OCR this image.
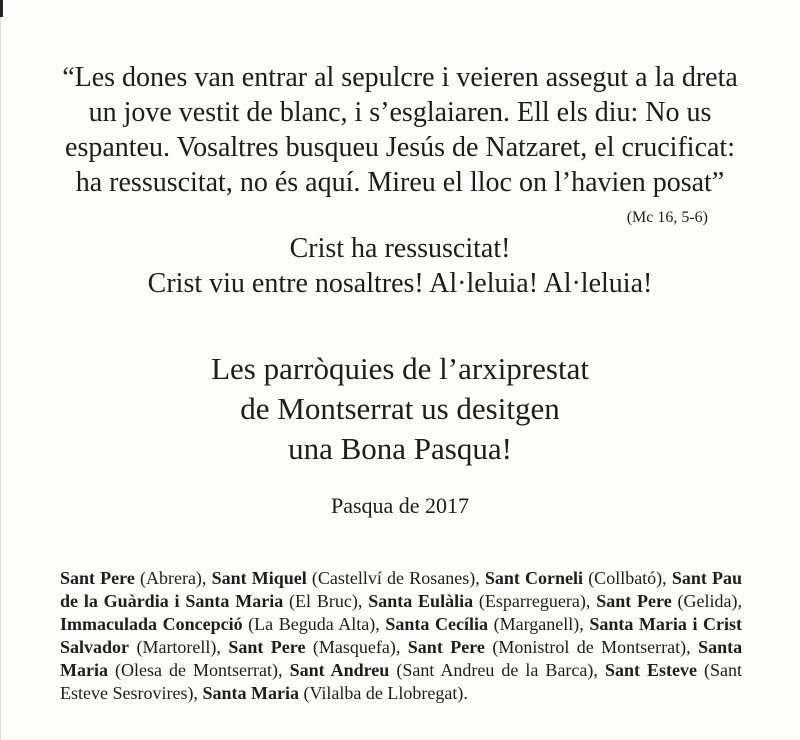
“Les dones van entrar al sepulcre i veieren assegut a la dreta
un jove vestit de blanc, i s’esglaiaren. Ell els diu: No us
espanteu. Vosaltres busqueu Jesús de Natzaret, el crucificat:
ha ressuscitat, no és aquí. Mireu el lloc on l’havien posat”
(Mc 16, 5-6)
Crist ha ressuscitat!
Crist viu entre nosaltres! Al·leluia! Al·leluia!
Les parròquies de l’arxiprestat
de Montserrat us desitgen
una Bona Pasqua!
Pasqua de 2017
Sant Pere (Abrera), Sant Miquel (Castellví de Rosanes), Sant Corneli (Collbató), Sant Pau de la Guàrdia i Santa Maria (El Bruc), Santa Eulàlia (Esparreguera), Sant Pere (Gelida), Immaculada Concepció (La Beguda Alta), Santa Cecília (Marganell), Santa Maria i Crist Salvador (Martorell), Sant Pere (Masquefa), Sant Pere (Monistrol de Montserrat), Santa Maria (Olesa de Montserrat), Sant Andreu (Sant Andreu de la Barca), Sant Esteve (Sant Esteve Sesrovires), Santa Maria (Vilalba de Llobregat).
